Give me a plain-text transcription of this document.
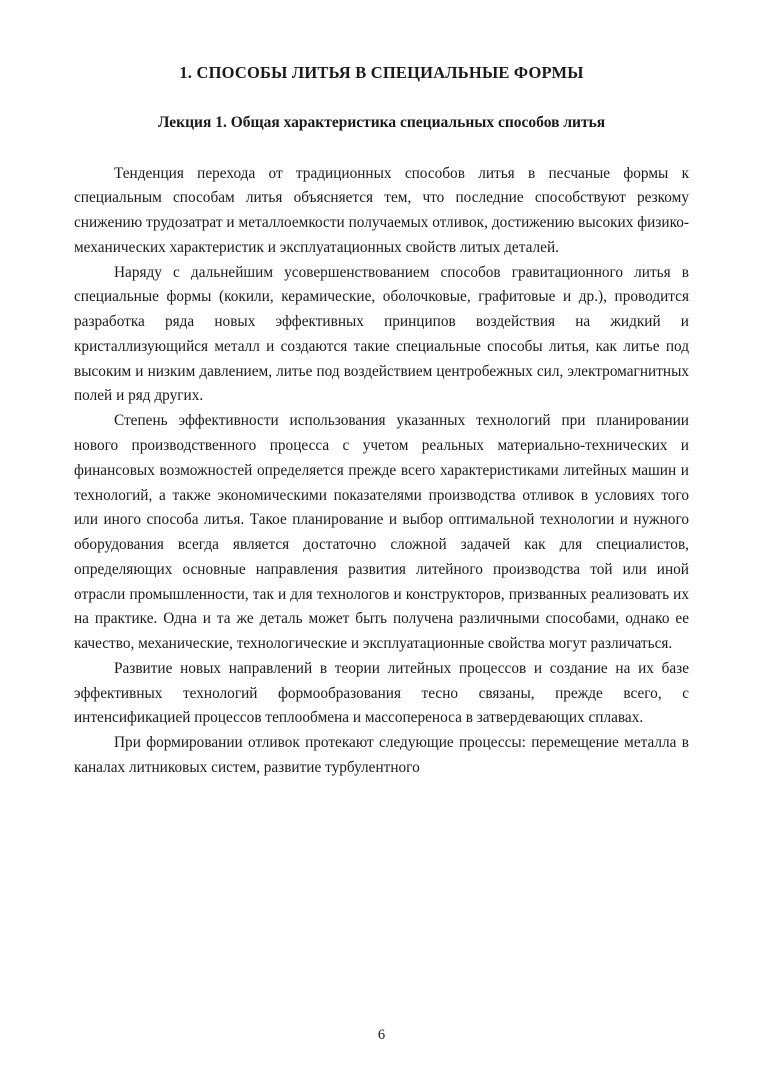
1. СПОСОБЫ ЛИТЬЯ В СПЕЦИАЛЬНЫЕ ФОРМЫ
Лекция 1. Общая характеристика специальных способов литья

Тенденция перехода от традиционных способов литья в песчаные формы к специальным способам литья объясняется тем, что последние способствуют резкому снижению трудозатрат и металлоемкости получаемых отливок, достижению высоких физико-механических характеристик и эксплуатационных свойств литых деталей.

Наряду с дальнейшим усовершенствованием способов гравитационного литья в специальные формы (кокили, керамические, оболочковые, графитовые и др.), проводится разработка ряда новых эффективных принципов воздействия на жидкий и кристаллизующийся металл и создаются такие специальные способы литья, как литье под высоким и низким давлением, литье под воздействием центробежных сил, электромагнитных полей и ряд других.

Степень эффективности использования указанных технологий при планировании нового производственного процесса с учетом реальных материально-технических и финансовых возможностей определяется прежде всего характеристиками литейных машин и технологий, а также экономическими показателями производства отливок в условиях того или иного способа литья. Такое планирование и выбор оптимальной технологии и нужного оборудования всегда является достаточно сложной задачей как для специалистов, определяющих основные направления развития литейного производства той или иной отрасли промышленности, так и для технологов и конструкторов, призванных реализовать их на практике. Одна и та же деталь может быть получена различными способами, однако ее качество, механические, технологические и эксплуатационные свойства могут различаться.

Развитие новых направлений в теории литейных процессов и создание на их базе эффективных технологий формообразования тесно связаны, прежде всего, с интенсификацией процессов теплообмена и массопереноса в затвердевающих сплавах.

При формировании отливок протекают следующие процессы: перемещение металла в каналах литниковых систем, развитие турбулентного

6
